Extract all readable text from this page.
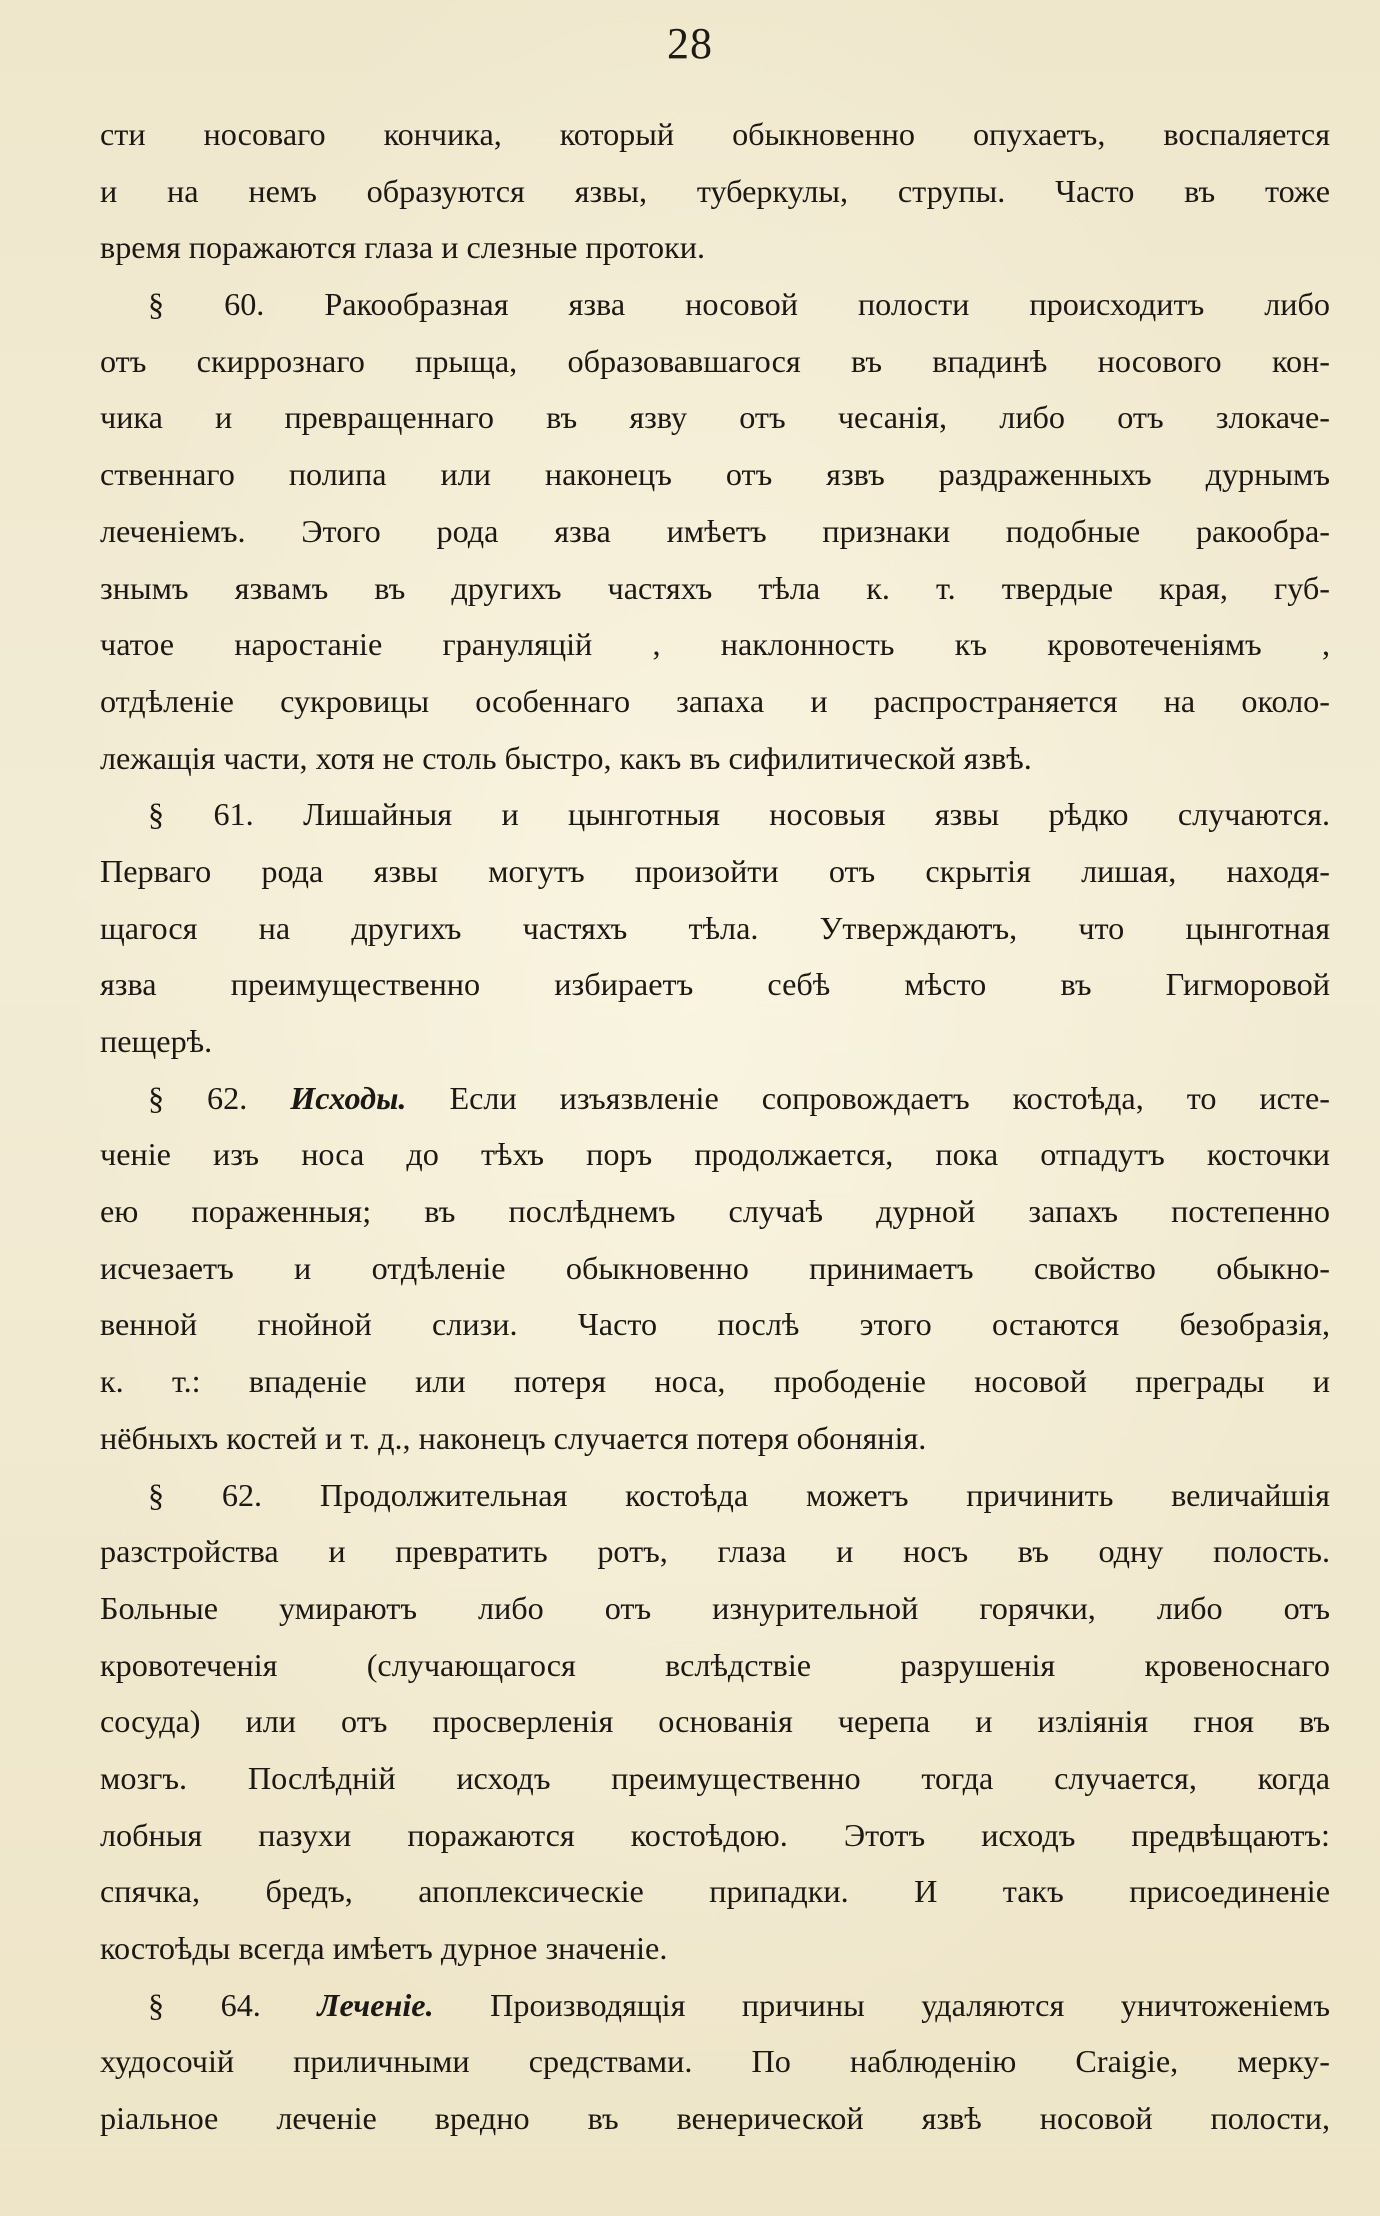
28
сти носоваго кончика, который обыкновенно опухаетъ, воспаляется
и на немъ образуются язвы, туберкулы, струпы. Часто въ тоже
время поражаются глаза и слезные протоки.
§ 60. Ракообразная язва носовой полости происходитъ либо
отъ скиррознаго прыща, образовавшагося въ впадинѣ носового кон-
чика и превращеннаго въ язву отъ чесанія, либо отъ злокаче-
ственнаго полипа или наконецъ отъ язвъ раздраженныхъ дурнымъ
леченіемъ. Этого рода язва имѣетъ признаки подобные ракообра-
знымъ язвамъ въ другихъ частяхъ тѣла к. т. твердые края, губ-
чатое наростаніе грануляцій , наклонность къ кровотеченіямъ ,
отдѣленіе сукровицы особеннаго запаха и распространяется на около-
лежащія части, хотя не столь быстро, какъ въ сифилитической язвѣ.
§ 61. Лишайныя и цынготныя носовыя язвы рѣдко случаются.
Перваго рода язвы могутъ произойти отъ скрытія лишая, находя-
щагося на другихъ частяхъ тѣла. Утверждаютъ, что цынготная
язва преимущественно избираетъ себѣ мѣсто въ Гигморовой
пещерѣ.
§ 62. Исходы. Если изъязвленіе сопровождаетъ костоѣда, то исте-
ченіе изъ носа до тѣхъ поръ продолжается, пока отпадутъ косточки
ею пораженныя; въ послѣднемъ случаѣ дурной запахъ постепенно
исчезаетъ и отдѣленіе обыкновенно принимаетъ свойство обыкно-
венной гнойной слизи. Часто послѣ этого остаются безобразія,
к. т.: впаденіе или потеря носа, прободеніе носовой преграды и
нёбныхъ костей и т. д., наконецъ случается потеря обонянія.
§ 62. Продолжительная костоѣда можетъ причинить величайшія
разстройства и превратить ротъ, глаза и носъ въ одну полость.
Больные умираютъ либо отъ изнурительной горячки, либо отъ
кровотеченія (случающагося вслѣдствіе разрушенія кровеноснаго
сосуда) или отъ просверленія основанія черепа и изліянія гноя въ
мозгъ. Послѣдній исходъ преимущественно тогда случается, когда
лобныя пазухи поражаются костоѣдою. Этотъ исходъ предвѣщаютъ:
спячка, бредъ, апоплексическіе припадки. И такъ присоединеніе
костоѣды всегда имѣетъ дурное значеніе.
§ 64. Леченіе. Производящія причины удаляются уничтоженіемъ
худосочій приличными средствами. По наблюденію Craigie, мерку-
ріальное леченіе вредно въ венерической язвѣ носовой полости,
